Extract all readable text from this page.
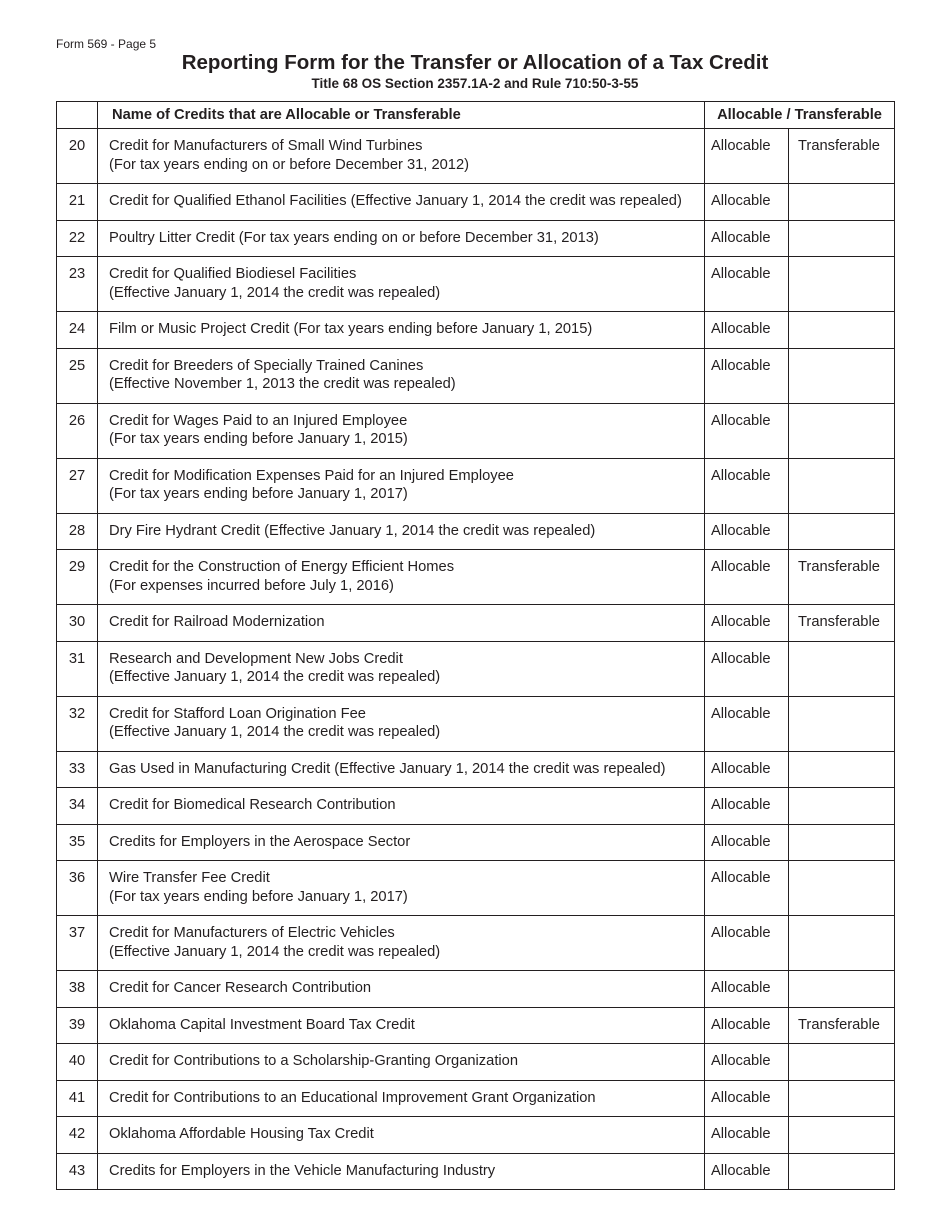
Form 569 - Page 5
Reporting Form for the Transfer or Allocation of a Tax Credit
Title 68 OS Section 2357.1A-2 and Rule 710:50-3-55
	Name of Credits that are Allocable or Transferable	Allocable / Transferable	
20	Credit for Manufacturers of Small Wind Turbines
(For tax years ending on or before December 31, 2012)	Allocable	Transferable
21	Credit for Qualified Ethanol Facilities (Effective January 1, 2014 the credit was repealed)	Allocable	
22	Poultry Litter Credit (For tax years ending on or before December 31, 2013)	Allocable	
23	Credit for Qualified Biodiesel Facilities
(Effective January 1, 2014 the credit was repealed)	Allocable	
24	Film or Music Project Credit (For tax years ending before January 1, 2015)	Allocable	
25	Credit for Breeders of Specially Trained Canines
(Effective November 1, 2013 the credit was repealed)	Allocable	
26	Credit for Wages Paid to an Injured Employee
(For tax years ending before January 1, 2015)	Allocable	
27	Credit for Modification Expenses Paid for an Injured Employee
(For tax years ending before January 1, 2017)	Allocable	
28	Dry Fire Hydrant Credit (Effective January 1, 2014 the credit was repealed)	Allocable	
29	Credit for the Construction of Energy Efficient Homes
(For expenses incurred before July 1, 2016)	Allocable	Transferable
30	Credit for Railroad Modernization	Allocable	Transferable
31	Research and Development New Jobs Credit
(Effective January 1, 2014 the credit was repealed)	Allocable	
32	Credit for Stafford Loan Origination Fee
(Effective January 1, 2014 the credit was repealed)	Allocable	
33	Gas Used in Manufacturing Credit (Effective January 1, 2014 the credit was repealed)	Allocable	
34	Credit for Biomedical Research Contribution	Allocable	
35	Credits for Employers in the Aerospace Sector	Allocable	
36	Wire Transfer Fee Credit
(For tax years ending before January 1, 2017)	Allocable	
37	Credit for Manufacturers of Electric Vehicles
(Effective January 1, 2014 the credit was repealed)	Allocable	
38	Credit for Cancer Research Contribution	Allocable	
39	Oklahoma Capital Investment Board Tax Credit	Allocable	Transferable
40	Credit for Contributions to a Scholarship-Granting Organization	Allocable	
41	Credit for Contributions to an Educational Improvement Grant Organization	Allocable	
42	Oklahoma Affordable Housing Tax Credit	Allocable	
43	Credits for Employers in the Vehicle Manufacturing Industry	Allocable	
